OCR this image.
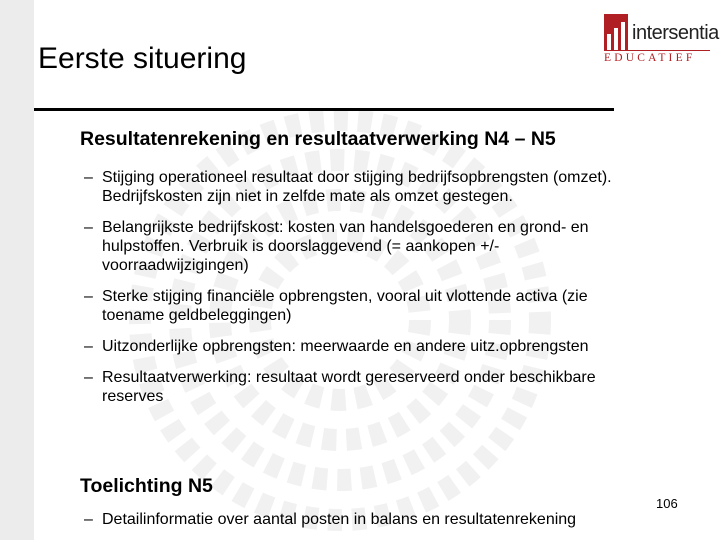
intersentia
EDUCATIEF
Eerste situering
Resultatenrekening en resultaatverwerking N4 – N5
– Stijging operationeel resultaat door stijging bedrijfsopbrengsten (omzet).
Bedrijfskosten zijn niet in zelfde mate als omzet gestegen.
– Belangrijkste bedrijfskost: kosten van handelsgoederen en grond- en
hulpstoffen. Verbruik is doorslaggevend (= aankopen +/-
voorraadwijzigingen)
– Sterke stijging financiële opbrengsten, vooral uit vlottende activa (zie
toename geldbeleggingen)
– Uitzonderlijke opbrengsten: meerwaarde en andere uitz.opbrengsten
– Resultaatverwerking: resultaat wordt gereserveerd onder beschikbare
reserves
Toelichting N5
– Detailinformatie over aantal posten in balans en resultatenrekening
106
